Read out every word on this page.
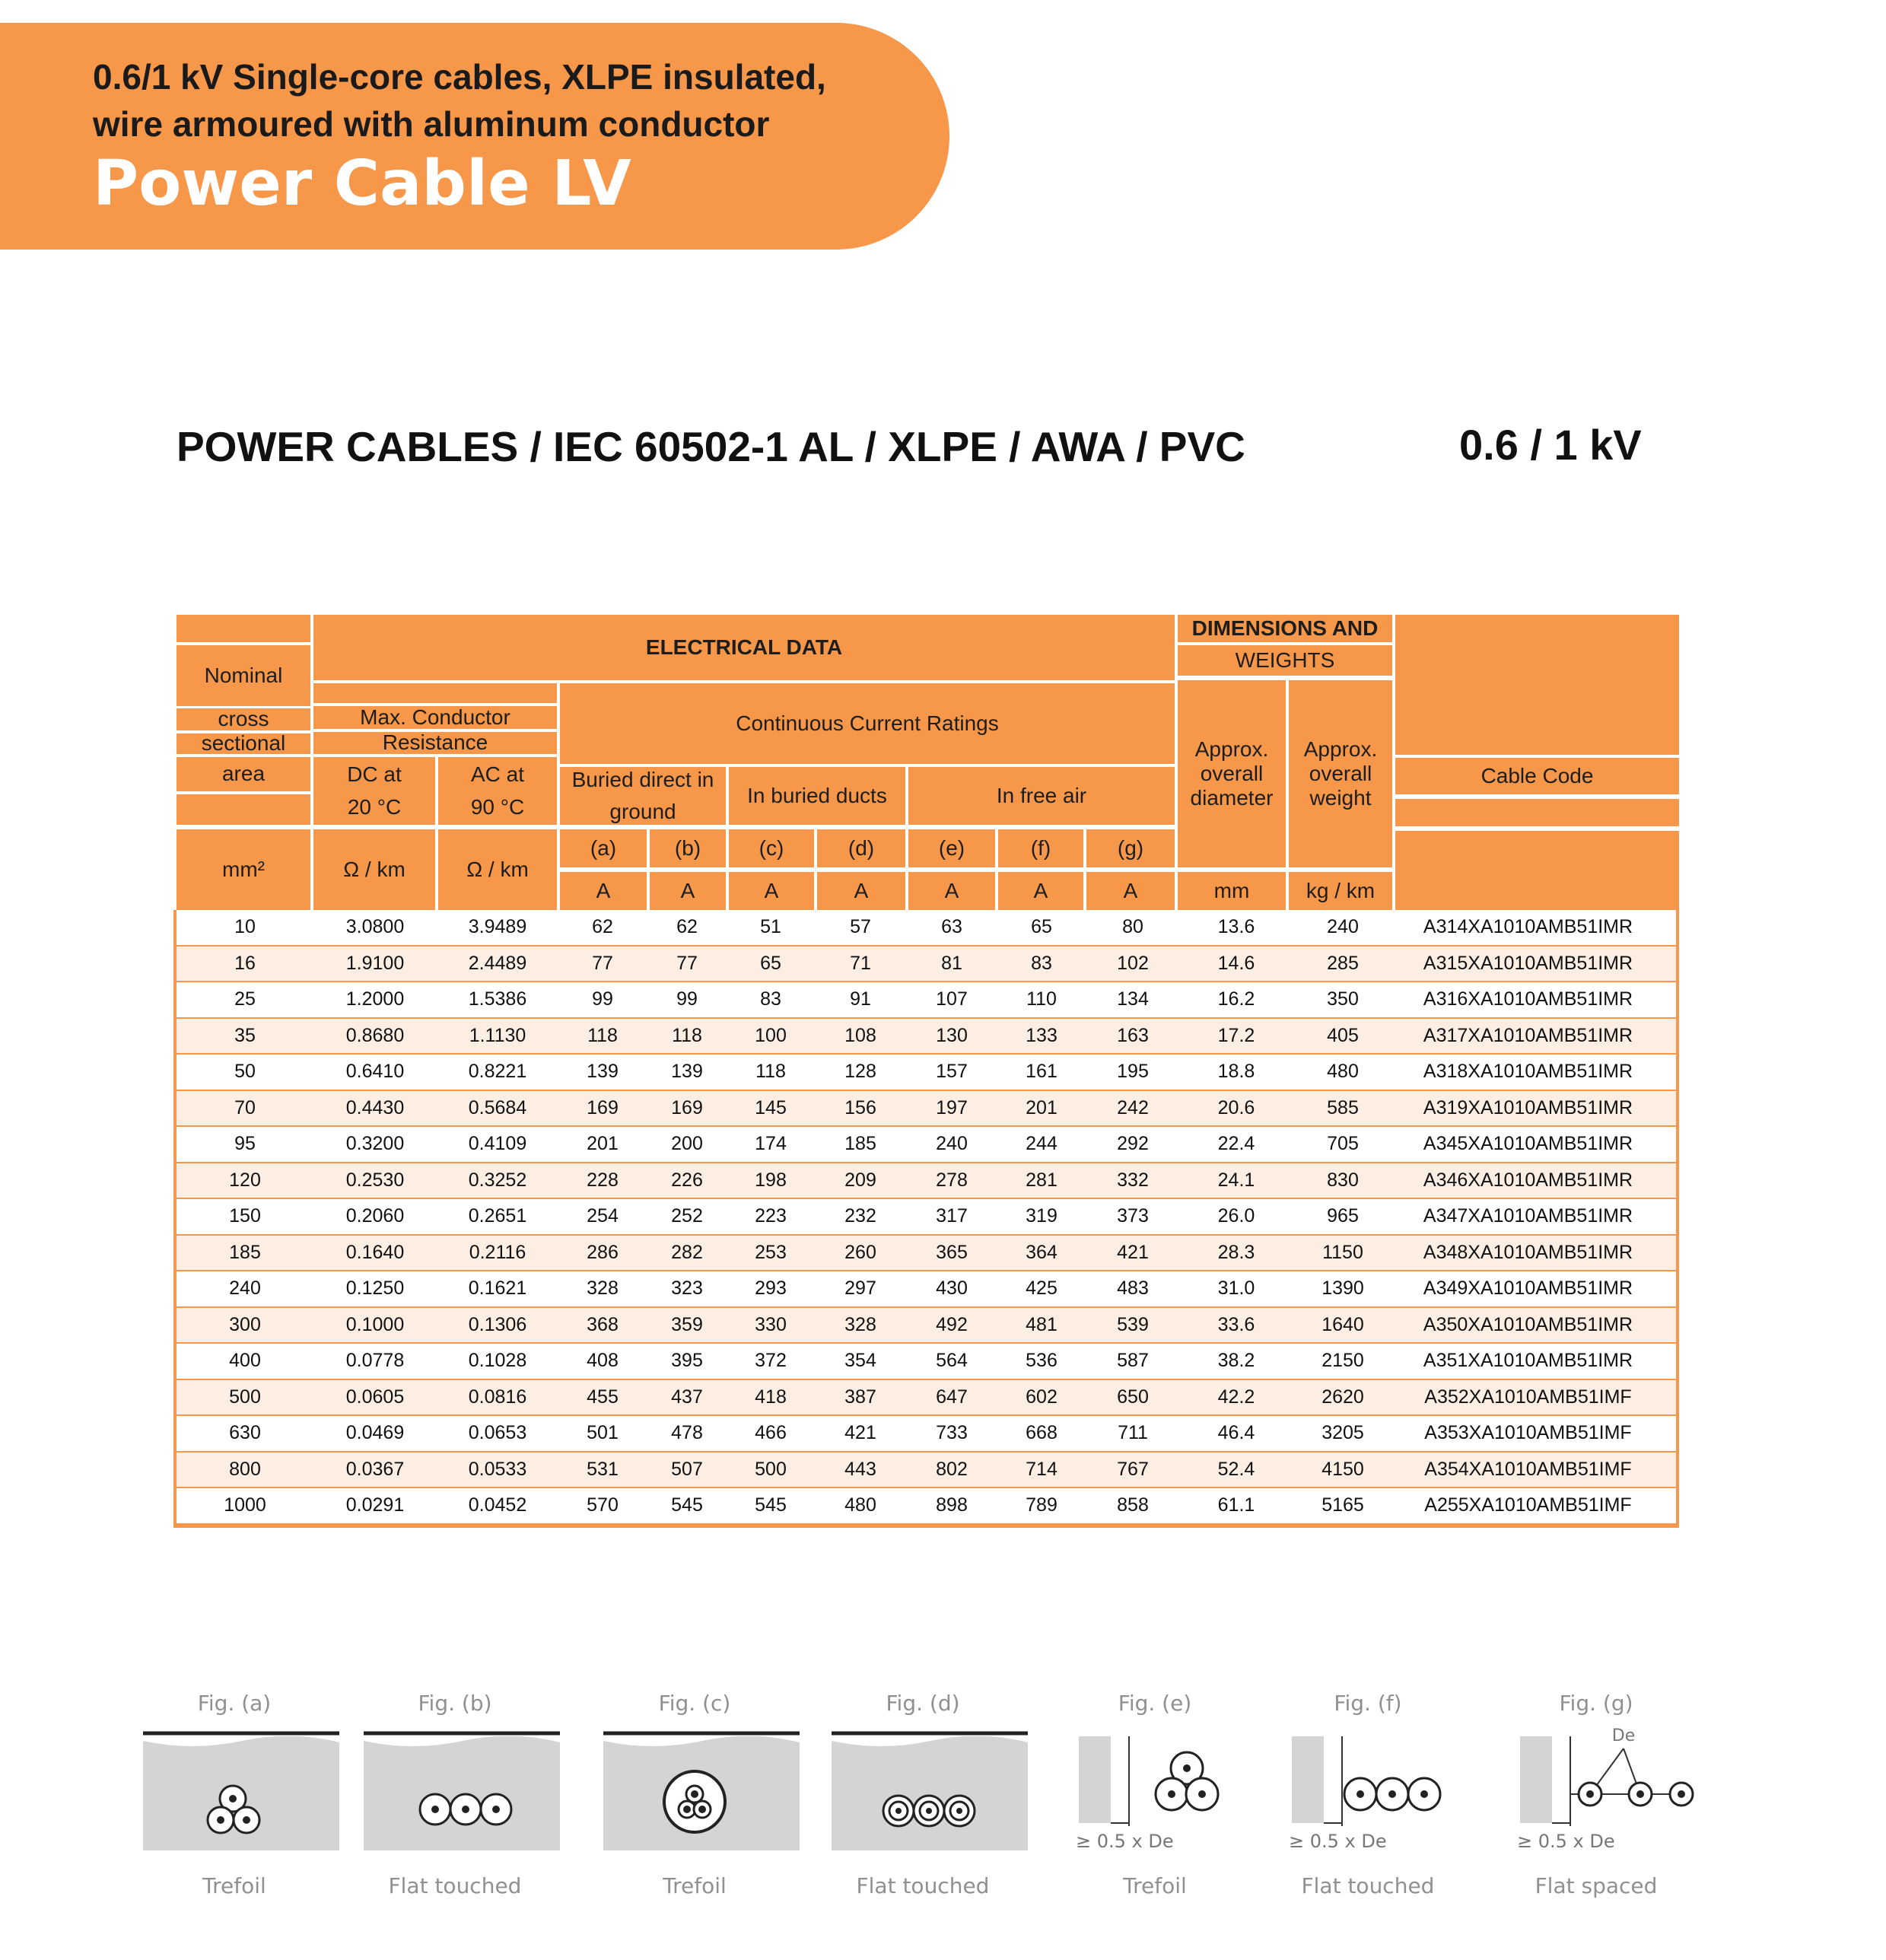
0.6/1 kV Single-core cables, XLPE insulated,
wire armoured with aluminum conductor
Power Cable LV
POWER CABLES / IEC 60502-1 AL / XLPE / AWA / PVC	0.6 / 1 kV
Nominal
cross
sectional
area
mm²
ELECTRICAL DATA
Max. Conductor
Resistance
DC at
20 °C
AC at
90 °C
Ω / km	Ω / km
Continuous Current Ratings
Buried direct in
ground
In buried ducts	In free air
(a)	(b)	(c)	(d)	(e)	(f)	(g)
A	A	A	A	A	A	A
DIMENSIONS AND
WEIGHTS
Approx.
overall
diameter
Approx.
overall
weight
mm	kg / km
Cable Code
10	3.0800	3.9489	62	62	51	57	63	65	80	13.6	240	A314XA1010AMB51IMR
16	1.9100	2.4489	77	77	65	71	81	83	102	14.6	285	A315XA1010AMB51IMR
25	1.2000	1.5386	99	99	83	91	107	110	134	16.2	350	A316XA1010AMB51IMR
35	0.8680	1.1130	118	118	100	108	130	133	163	17.2	405	A317XA1010AMB51IMR
50	0.6410	0.8221	139	139	118	128	157	161	195	18.8	480	A318XA1010AMB51IMR
70	0.4430	0.5684	169	169	145	156	197	201	242	20.6	585	A319XA1010AMB51IMR
95	0.3200	0.4109	201	200	174	185	240	244	292	22.4	705	A345XA1010AMB51IMR
120	0.2530	0.3252	228	226	198	209	278	281	332	24.1	830	A346XA1010AMB51IMR
150	0.2060	0.2651	254	252	223	232	317	319	373	26.0	965	A347XA1010AMB51IMR
185	0.1640	0.2116	286	282	253	260	365	364	421	28.3	1150	A348XA1010AMB51IMR
240	0.1250	0.1621	328	323	293	297	430	425	483	31.0	1390	A349XA1010AMB51IMR
300	0.1000	0.1306	368	359	330	328	492	481	539	33.6	1640	A350XA1010AMB51IMR
400	0.0778	0.1028	408	395	372	354	564	536	587	38.2	2150	A351XA1010AMB51IMR
500	0.0605	0.0816	455	437	418	387	647	602	650	42.2	2620	A352XA1010AMB51IMF
630	0.0469	0.0653	501	478	466	421	733	668	711	46.4	3205	A353XA1010AMB51IMF
800	0.0367	0.0533	531	507	500	443	802	714	767	52.4	4150	A354XA1010AMB51IMF
1000	0.0291	0.0452	570	545	545	480	898	789	858	61.1	5165	A255XA1010AMB51IMF
Fig. (a)
Trefoil
Fig. (b)
Flat touched
Fig. (c)
Trefoil
Fig. (d)
Flat touched
Fig. (e)
≥ 0.5 x De
Trefoil
Fig. (f)
≥ 0.5 x De
Flat touched
Fig. (g)
De
≥ 0.5 x De
Flat spaced
